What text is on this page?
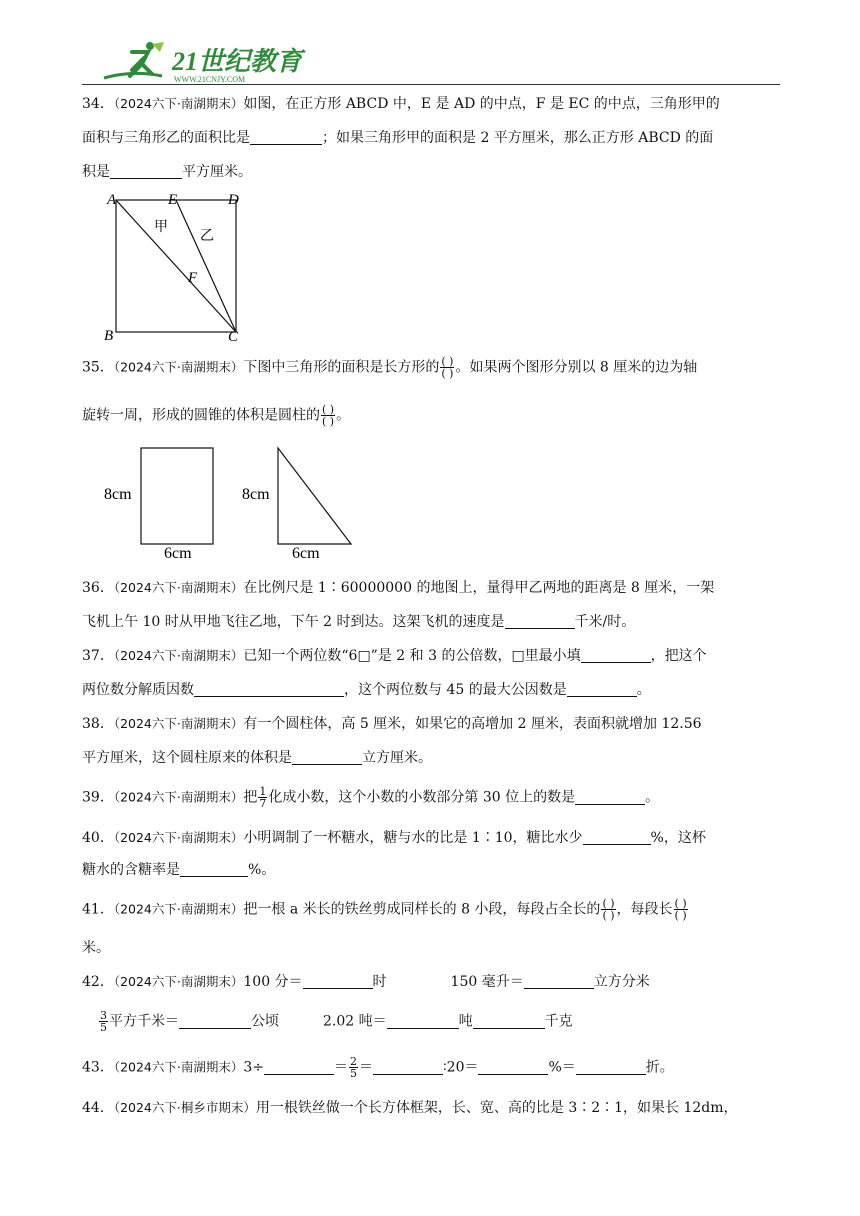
21世纪教育
WWW.21CNJY.COM
34．（2024六下·南湖期末）如图，在正方形 ABCD 中，E 是 AD 的中点，F 是 EC 的中点，三角形甲的
面积与三角形乙的面积比是	；如果三角形甲的面积是 2 平方厘米，那么正方形 ABCD 的面
积是	平方厘米。
A	E	D
B	C
F
甲
乙
35．（2024六下·南湖期末）下图中三角形的面积是长方形的 $\frac{( )}{( )}$ 。如果两个图形分别以 8 厘米的边为轴
旋转一周，形成的圆锥的体积是圆柱的 $\frac{( )}{( )}$ 。
8cm
6cm
8cm
6cm
36．（2024六下·南湖期末）在比例尺是 1∶60000000 的地图上，量得甲乙两地的距离是 8 厘米，一架
飞机上午 10 时从甲地飞往乙地，下午 2 时到达。这架飞机的速度是	千米/时。
37．（2024六下·南湖期末）已知一个两位数“6□”是 2 和 3 的公倍数，□里最小填	，把这个
两位数分解质因数	，这个两位数与 45 的最大公因数是	。
38．（2024六下·南湖期末）有一个圆柱体，高 5 厘米，如果它的高增加 2 厘米，表面积就增加 12.56
平方厘米，这个圆柱原来的体积是	立方厘米。
39．（2024六下·南湖期末）把 $\frac{1}{7}$ 化成小数，这个小数的小数部分第 30 位上的数是	。
40．（2024六下·南湖期末）小明调制了一杯糖水，糖与水的比是 1∶10，糖比水少	%，这杯
糖水的含糖率是	%。
41．（2024六下·南湖期末）把一根 a 米长的铁丝剪成同样长的 8 小段，每段占全长的 $\frac{( )}{( )}$ ，每段长 $\frac{( )}{( )}$
米。
42．（2024六下·南湖期末）100 分＝	时	150 毫升＝	立方分米
$\frac{3}{5}$ 平方千米＝	公顷	2.02 吨＝	吨	千克
43．（2024六下·南湖期末）3÷	＝ $\frac{2}{5}$ ＝	∶20＝	%＝	折。
44．（2024六下·桐乡市期末）用一根铁丝做一个长方体框架，长、宽、高的比是 3∶2∶1，如果长 12dm，
